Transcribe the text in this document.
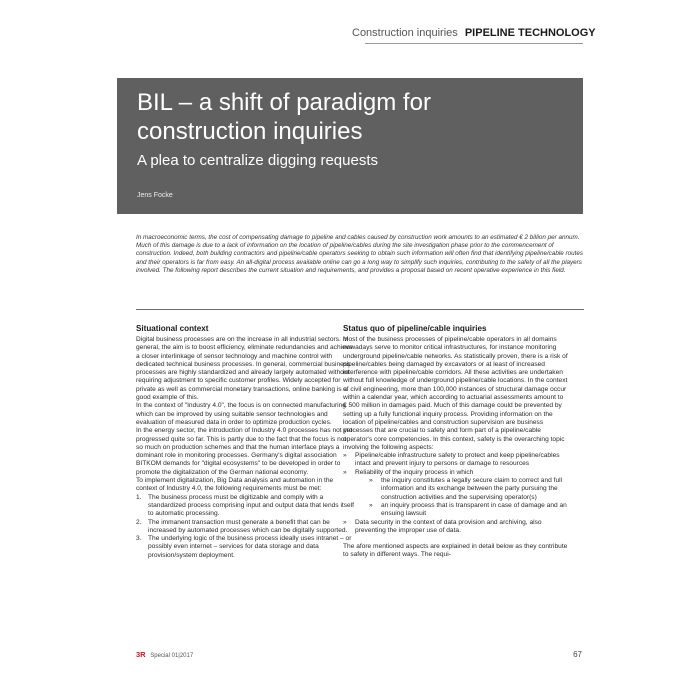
Construction inquiries PIPELINE TECHNOLOGY
BIL – a shift of paradigm for
construction inquiries
A plea to centralize digging requests
Jens Focke
In macroeconomic terms, the cost of compensating damage to pipeline and cables caused by construction work amounts to an estimated € 2 billion per annum. Much of this damage is due to a lack of information on the location of pipeline/cables during the site investigation phase prior to the commencement of construction. Indeed, both building contractors and pipeline/cable operators seeking to obtain such information will often find that identifying pipeline/cable routes and their operators is far from easy. An all-digital process available online can go a long way to simplify such inquiries, contributing to the safety of all the players involved. The following report describes the current situation and requirements, and provides a proposal based on recent operative experience in this field.
Situational context

Digital business processes are on the increase in all industrial sectors. In general, the aim is to boost efficiency, eliminate redundancies and achieve a closer interlinkage of sensor technology and machine control with dedicated technical business processes. In general, commercial business processes are highly standardized and already largely automated without requiring adjustment to specific customer profiles. Widely accepted for private as well as commercial monetary transactions, online banking is a good example of this.

In the context of "Industry 4.0", the focus is on connected manufacturing which can be improved by using suitable sensor technologies and evaluation of measured data in order to optimize production cycles.

In the energy sector, the introduction of Industry 4.0 processes has not yet progressed quite so far. This is partly due to the fact that the focus is not so much on production schemes and that the human interface plays a dominant role in monitoring processes. Germany's digital association BITKOM demands for "digital ecosystems" to be developed in order to promote the digitalization of the German national economy.

To implement digitalization, Big Data analysis and automation in the context of Industry 4.0, the following requirements must be met:

1. The business process must be digitizable and comply with a standardized process comprising input and output data that lends itself to automatic processing.
2. The immanent transaction must generate a benefit that can be increased by automated processes which can be digitally supported.
3. The underlying logic of the business process ideally uses intranet – or possibly even internet – services for data storage and data provision/system deployment.
Status quo of pipeline/cable inquiries

Most of the business processes of pipeline/cable operators in all domains nowadays serve to monitor critical infrastructures, for instance monitoring underground pipeline/cable networks. As statistically proven, there is a risk of pipeline/cables being damaged by excavators or at least of increased interference with pipeline/cable corridors. All these activities are undertaken without full knowledge of underground pipeline/cable locations. In the context of civil engineering, more than 100,000 instances of structural damage occur within a calendar year, which according to actuarial assessments amount to € 500 million in damages paid. Much of this damage could be prevented by setting up a fully functional inquiry process. Providing information on the location of pipeline/cables and construction supervision are business processes that are crucial to safety and form part of a pipeline/cable operator's core competencies. In this context, safety is the overarching topic involving the following aspects:

» Pipeline/cable infrastructure safety to protect and keep pipeline/cables intact and prevent injury to persons or damage to resources
» Reliability of the inquiry process in which
» the inquiry constitutes a legally secure claim to correct and full information and its exchange between the party pursuing the construction activities and the supervising operator(s)
» an inquiry process that is transparent in case of damage and an ensuing lawsuit
» Data security in the context of data provision and archiving, also preventing the improper use of data.

The afore mentioned aspects are explained in detail below as they contribute to safety in different ways. The requi-

3R Special 01|2017	67
